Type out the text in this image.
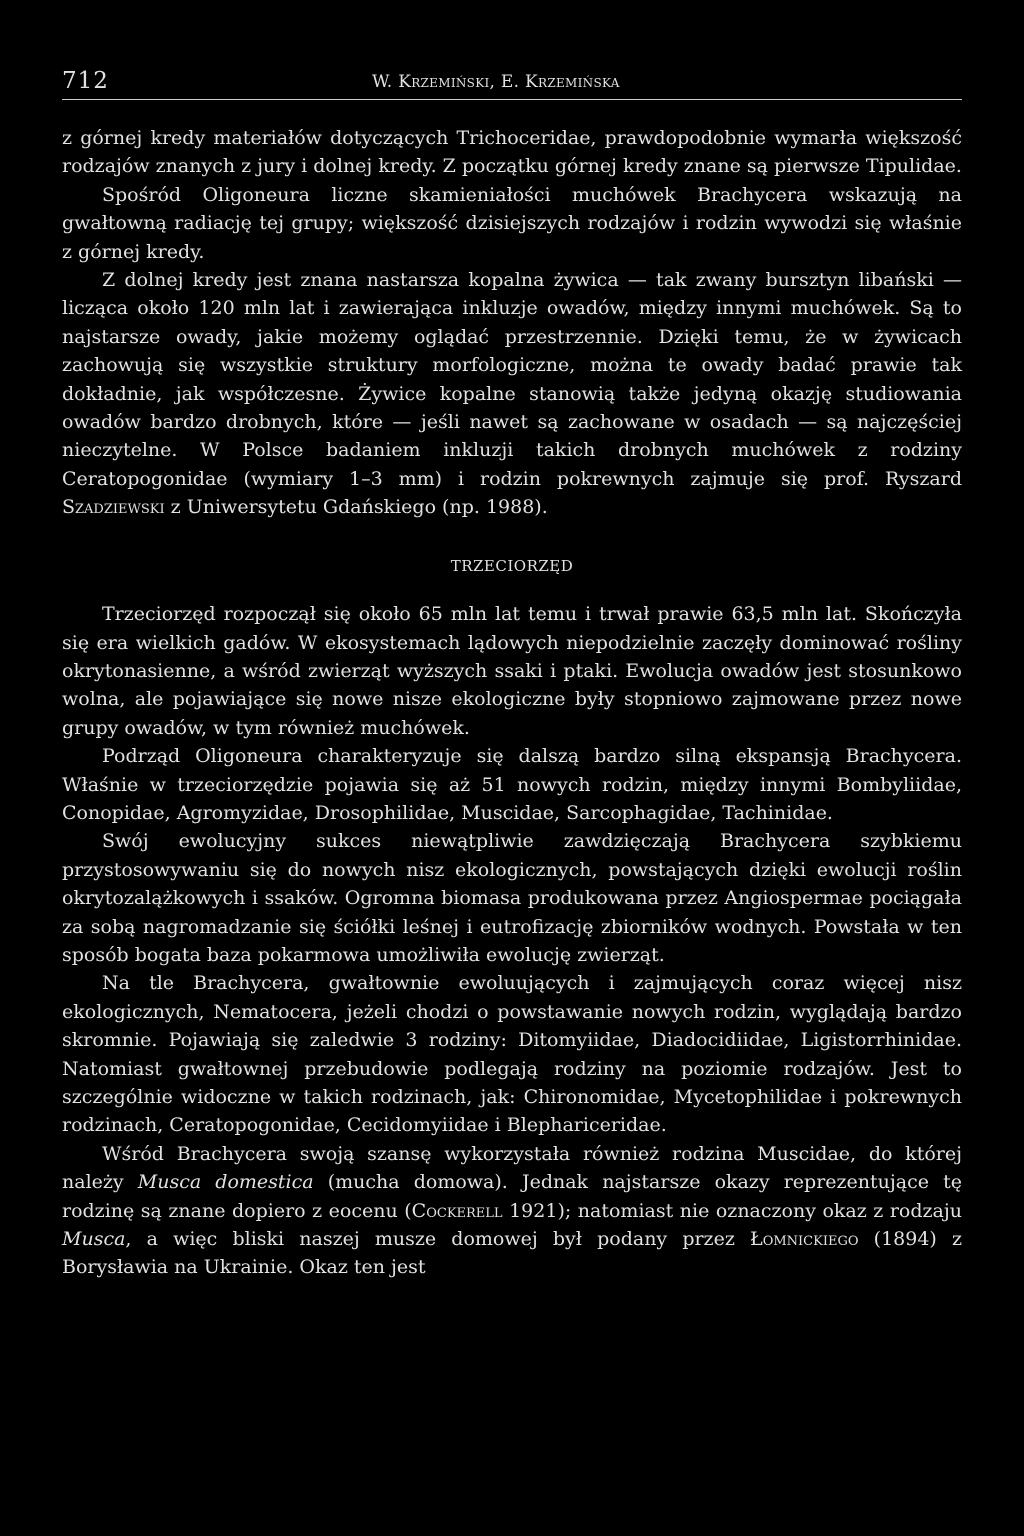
712	W. Krzemiński, E. Krzemińska

z górnej kredy materiałów dotyczących Trichoceridae, prawdopodobnie wymarła większość rodzajów znanych z jury i dolnej kredy. Z początku górnej kredy znane są pierwsze Tipulidae.

Spośród Oligoneura liczne skamieniałości muchówek Brachycera wskazują na gwałtowną radiację tej grupy; większość dzisiejszych rodzajów i rodzin wywodzi się właśnie z górnej kredy.

Z dolnej kredy jest znana nastarsza kopalna żywica — tak zwany bursztyn libański — licząca około 120 mln lat i zawierająca inkluzje owadów, między innymi muchówek. Są to najstarsze owady, jakie możemy oglądać przestrzennie. Dzięki temu, że w żywicach zachowują się wszystkie struktury morfologiczne, można te owady badać prawie tak dokładnie, jak współczesne. Żywice kopalne stanowią także jedyną okazję studiowania owadów bardzo drobnych, które — jeśli nawet są zachowane w osadach — są najczęściej nieczytelne. W Polsce badaniem inkluzji takich drobnych muchówek z rodziny Ceratopogonidae (wymiary 1–3 mm) i rodzin pokrewnych zajmuje się prof. Ryszard Szadziewski z Uniwersytetu Gdańskiego (np. 1988).

TRZECIORZĘD

Trzeciorzęd rozpoczął się około 65 mln lat temu i trwał prawie 63,5 mln lat. Skończyła się era wielkich gadów. W ekosystemach lądowych niepodzielnie zaczęły dominować rośliny okrytonasienne, a wśród zwierząt wyższych ssaki i ptaki. Ewolucja owadów jest stosunkowo wolna, ale pojawiające się nowe nisze ekologiczne były stopniowo zajmowane przez nowe grupy owadów, w tym również muchówek.

Podrząd Oligoneura charakteryzuje się dalszą bardzo silną ekspansją Brachycera. Właśnie w trzeciorzędzie pojawia się aż 51 nowych rodzin, między innymi Bombyliidae, Conopidae, Agromyzidae, Drosophilidae, Muscidae, Sarcophagidae, Tachinidae.

Swój ewolucyjny sukces niewątpliwie zawdzięczają Brachycera szybkiemu przystosowywaniu się do nowych nisz ekologicznych, powstających dzięki ewolucji roślin okrytozalążkowych i ssaków. Ogromna biomasa produkowana przez Angiospermae pociągała za sobą nagromadzanie się ściółki leśnej i eutrofizację zbiorników wodnych. Powstała w ten sposób bogata baza pokarmowa umożliwiła ewolucję zwierząt.

Na tle Brachycera, gwałtownie ewoluujących i zajmujących coraz więcej nisz ekologicznych, Nematocera, jeżeli chodzi o powstawanie nowych rodzin, wyglądają bardzo skromnie. Pojawiają się zaledwie 3 rodziny: Ditomyiidae, Diadocidiidae, Ligistorrhinidae. Natomiast gwałtownej przebudowie podlegają rodziny na poziomie rodzajów. Jest to szczególnie widoczne w takich rodzinach, jak: Chironomidae, Mycetophilidae i pokrewnych rodzinach, Ceratopogonidae, Cecidomyiidae i Blephariceridae.

Wśród Brachycera swoją szansę wykorzystała również rodzina Muscidae, do której należy Musca domestica (mucha domowa). Jednak najstarsze okazy reprezentujące tę rodzinę są znane dopiero z eocenu (Cockerell 1921); natomiast nie oznaczony okaz z rodzaju Musca, a więc bliski naszej musze domowej był podany przez Łomnickiego (1894) z Borysławia na Ukrainie. Okaz ten jest
